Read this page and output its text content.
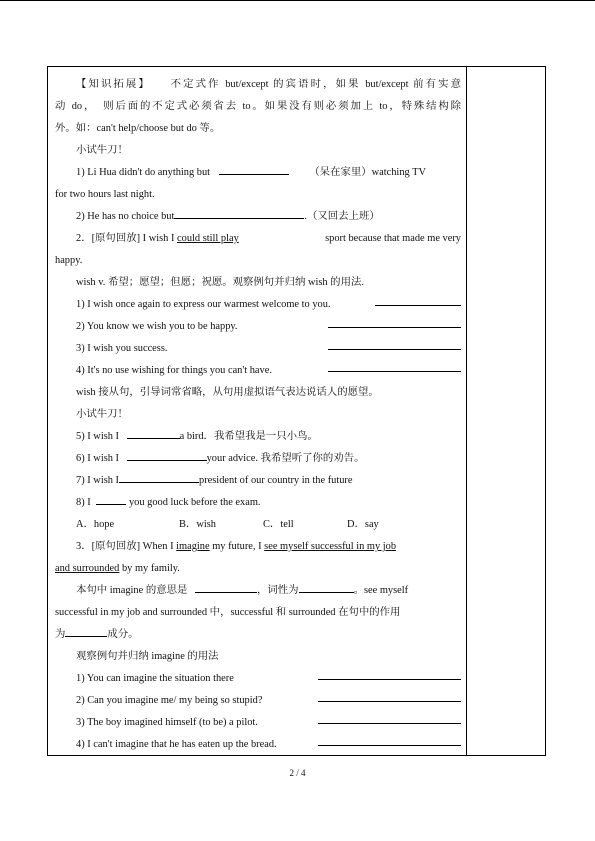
【知识拓展】　　不定式作 but/except 的宾语时，如果 but/except 前有实意
动 do，　则后面的不定式必须省去 to。如果没有则必须加上 to，特殊结构除
外。如：can't help/choose but do 等。
小试牛刀！
1) Li Hua didn't do anything but	（呆在家里）watching TV
for two hours last night.
2) He has no choice but	.（又回去上班）
2．[原句回放] I wish I could still play	sport because that made me very
happy.
wish v. 希望；愿望；但愿；祝愿。观察例句并归纳 wish 的用法.
1) I wish once again to express our warmest welcome to you.
2) You know we wish you to be happy.
3) I wish you success.
4) It's no use wishing for things you can't have.
wish 接从句，引导词常省略，从句用虚拟语气表达说话人的愿望。
小试牛刀！
5) I wish I	a bird．我希望我是一只小鸟。
6) I wish I	your advice. 我希望听了你的劝告。
7) I wish I	president of our country in the future
8) I	you good luck before the exam.
A．hope	B．wish	C．tell	D．say
3．[原句回放] When I imagine my future, I see myself successful in my job
and surrounded by my family.
本句中 imagine 的意思是	，词性为	。see myself
successful in my job and surrounded 中，successful 和 surrounded 在句中的作用
为	成分。
观察例句并归纳 imagine 的用法
1) You can imagine the situation there
2) Can you imagine me/ my being so stupid?
3) The boy imagined himself (to be) a pilot.
4) I can't imagine that he has eaten up the bread.
2 / 4
